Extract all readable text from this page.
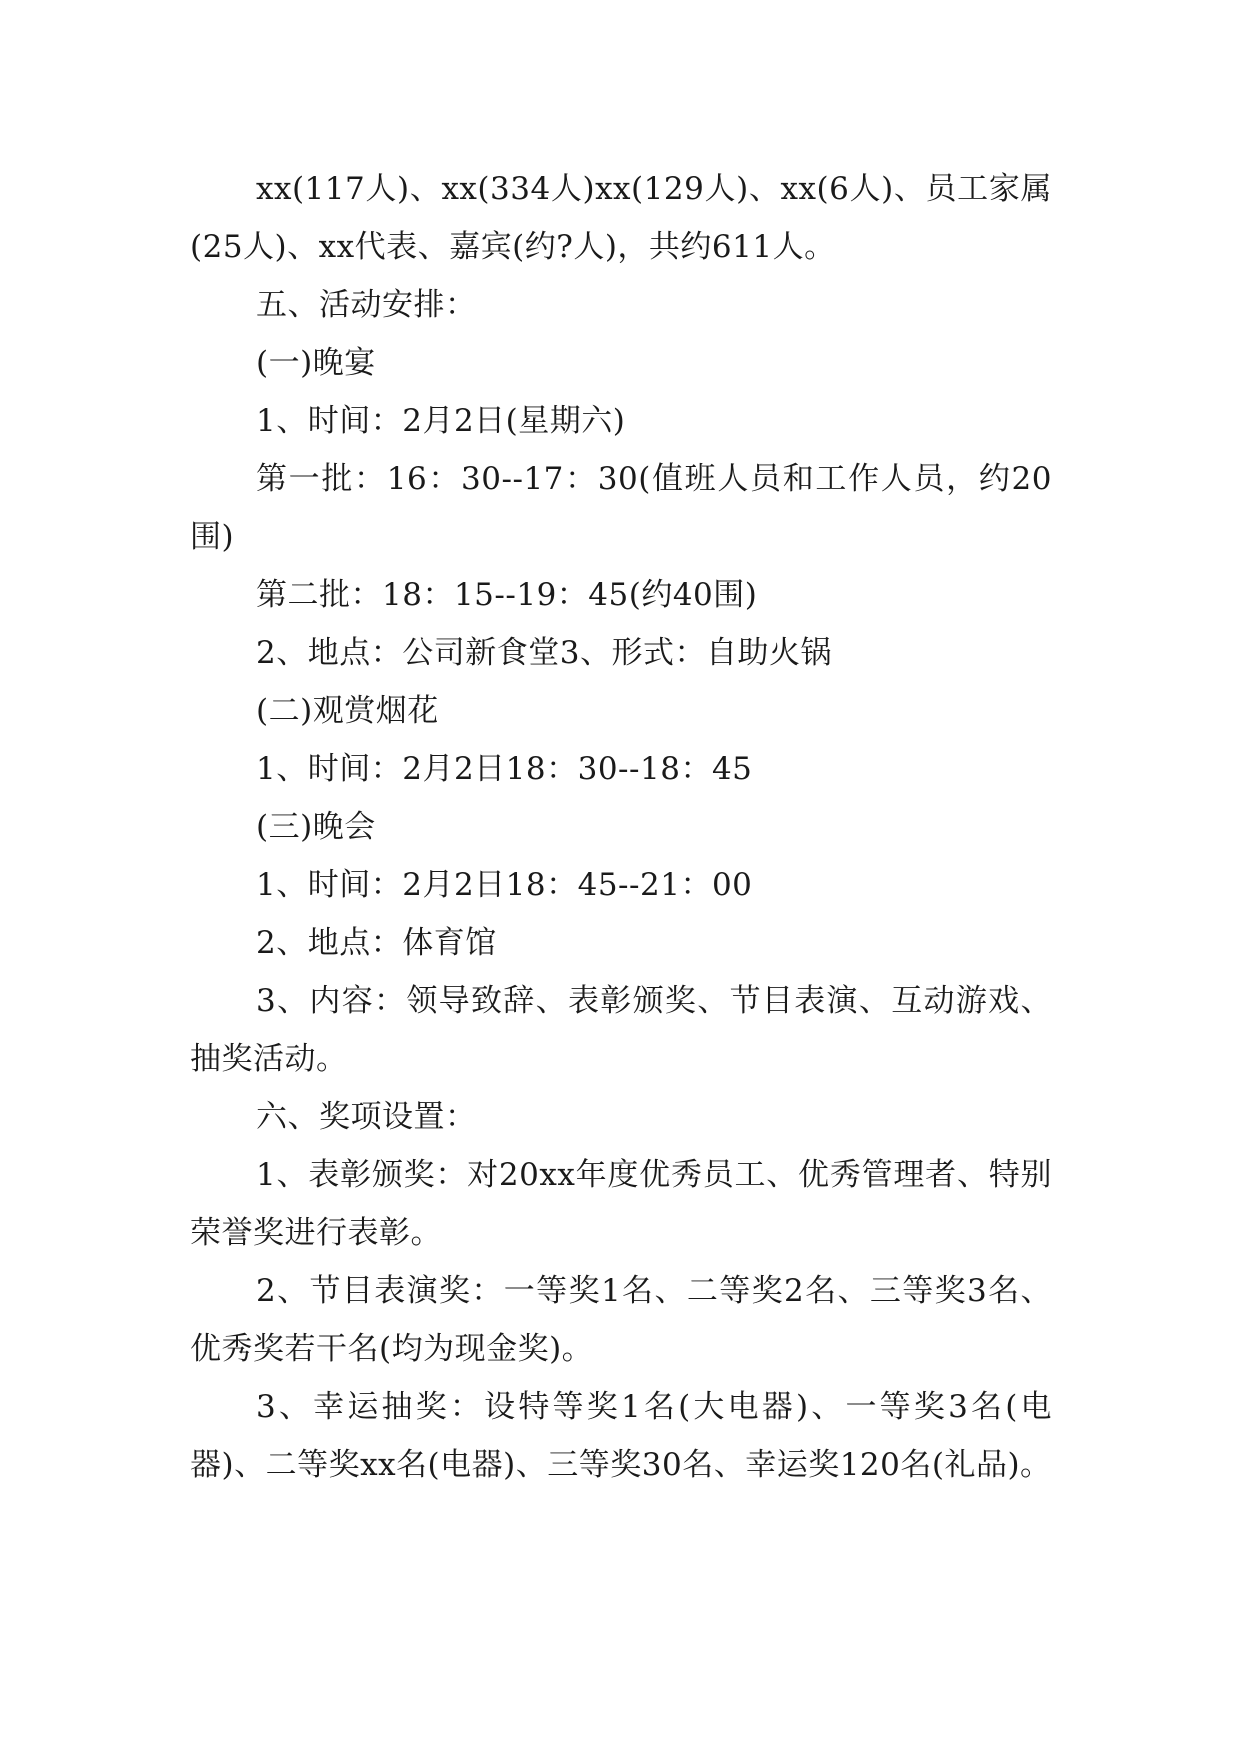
xx(117人)、xx(334人)xx(129人)、xx(6人)、员工家属(25人)、xx代表、嘉宾(约?人)，共约611人。

五、活动安排：

(一)晚宴

1、时间：2月2日(星期六)

第一批：16：30--17：30(值班人员和工作人员，约20围)

第二批：18：15--19：45(约40围)

2、地点：公司新食堂3、形式：自助火锅

(二)观赏烟花

1、时间：2月2日18：30--18：45

(三)晚会

1、时间：2月2日18：45--21：00

2、地点：体育馆

3、内容：领导致辞、表彰颁奖、节目表演、互动游戏、抽奖活动。

六、奖项设置：

1、表彰颁奖：对20xx年度优秀员工、优秀管理者、特别荣誉奖进行表彰。

2、节目表演奖：一等奖1名、二等奖2名、三等奖3名、优秀奖若干名(均为现金奖)。

3、幸运抽奖：设特等奖1名(大电器)、一等奖3名(电器)、二等奖xx名(电器)、三等奖30名、幸运奖120名(礼品)。
